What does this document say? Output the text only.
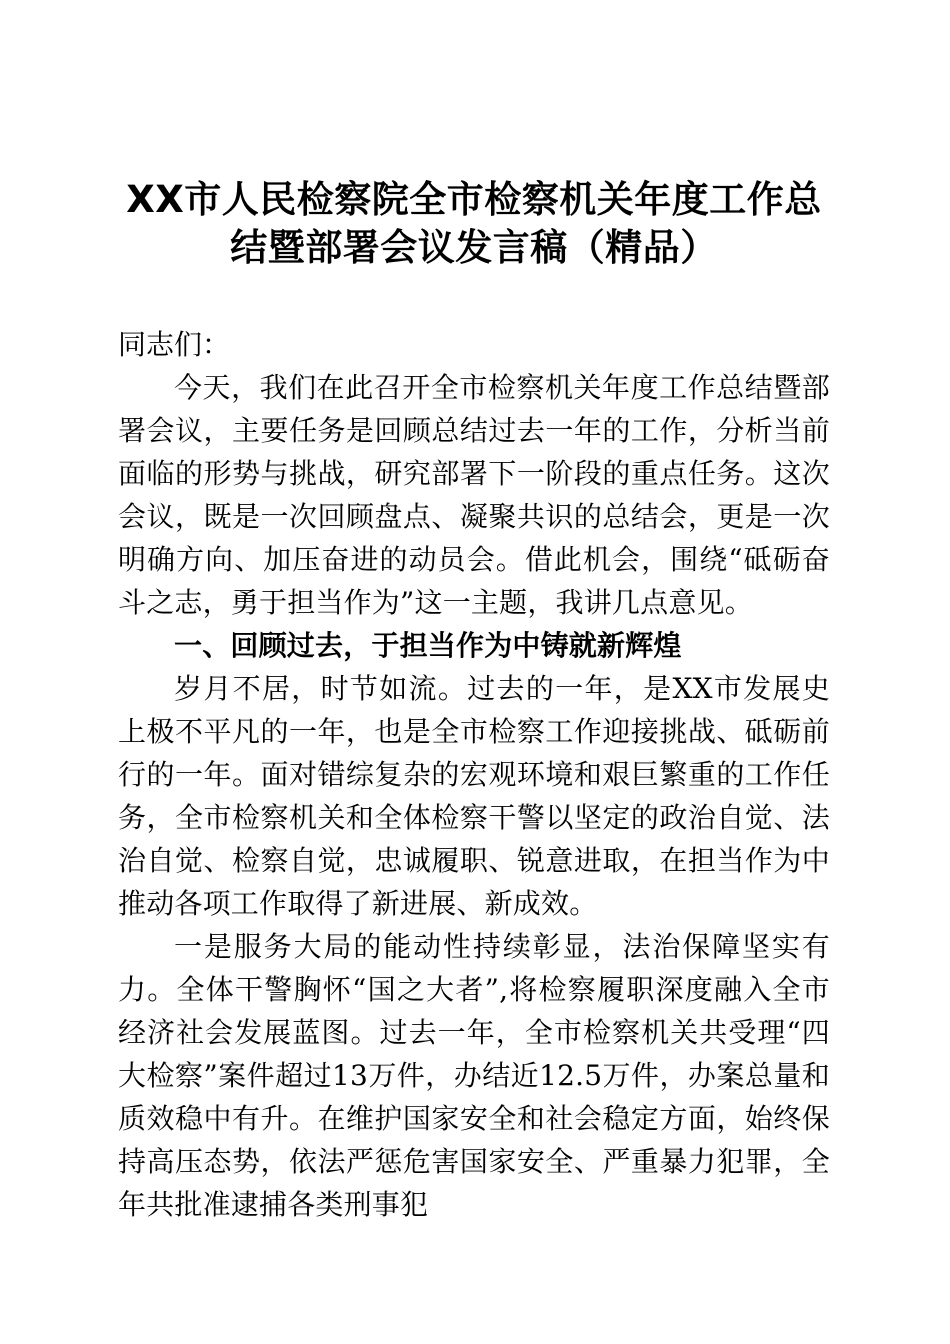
XX市人民检察院全市检察机关年度工作总结暨部署会议发言稿（精品）

同志们：

今天，我们在此召开全市检察机关年度工作总结暨部署会议，主要任务是回顾总结过去一年的工作，分析当前面临的形势与挑战，研究部署下一阶段的重点任务。这次会议，既是一次回顾盘点、凝聚共识的总结会，更是一次明确方向、加压奋进的动员会。借此机会，围绕“砥砺奋斗之志，勇于担当作为”这一主题，我讲几点意见。

一、回顾过去，于担当作为中铸就新辉煌

岁月不居，时节如流。过去的一年，是XX市发展史上极不平凡的一年，也是全市检察工作迎接挑战、砥砺前行的一年。面对错综复杂的宏观环境和艰巨繁重的工作任务，全市检察机关和全体检察干警以坚定的政治自觉、法治自觉、检察自觉，忠诚履职、锐意进取，在担当作为中推动各项工作取得了新进展、新成效。

一是服务大局的能动性持续彰显，法治保障坚实有力。全体干警胸怀“国之大者”,将检察履职深度融入全市经济社会发展蓝图。过去一年，全市检察机关共受理“四大检察”案件超过13万件，办结近12.5万件，办案总量和质效稳中有升。在维护国家安全和社会稳定方面，始终保持高压态势，依法严惩危害国家安全、严重暴力犯罪，全年共批准逮捕各类刑事犯
